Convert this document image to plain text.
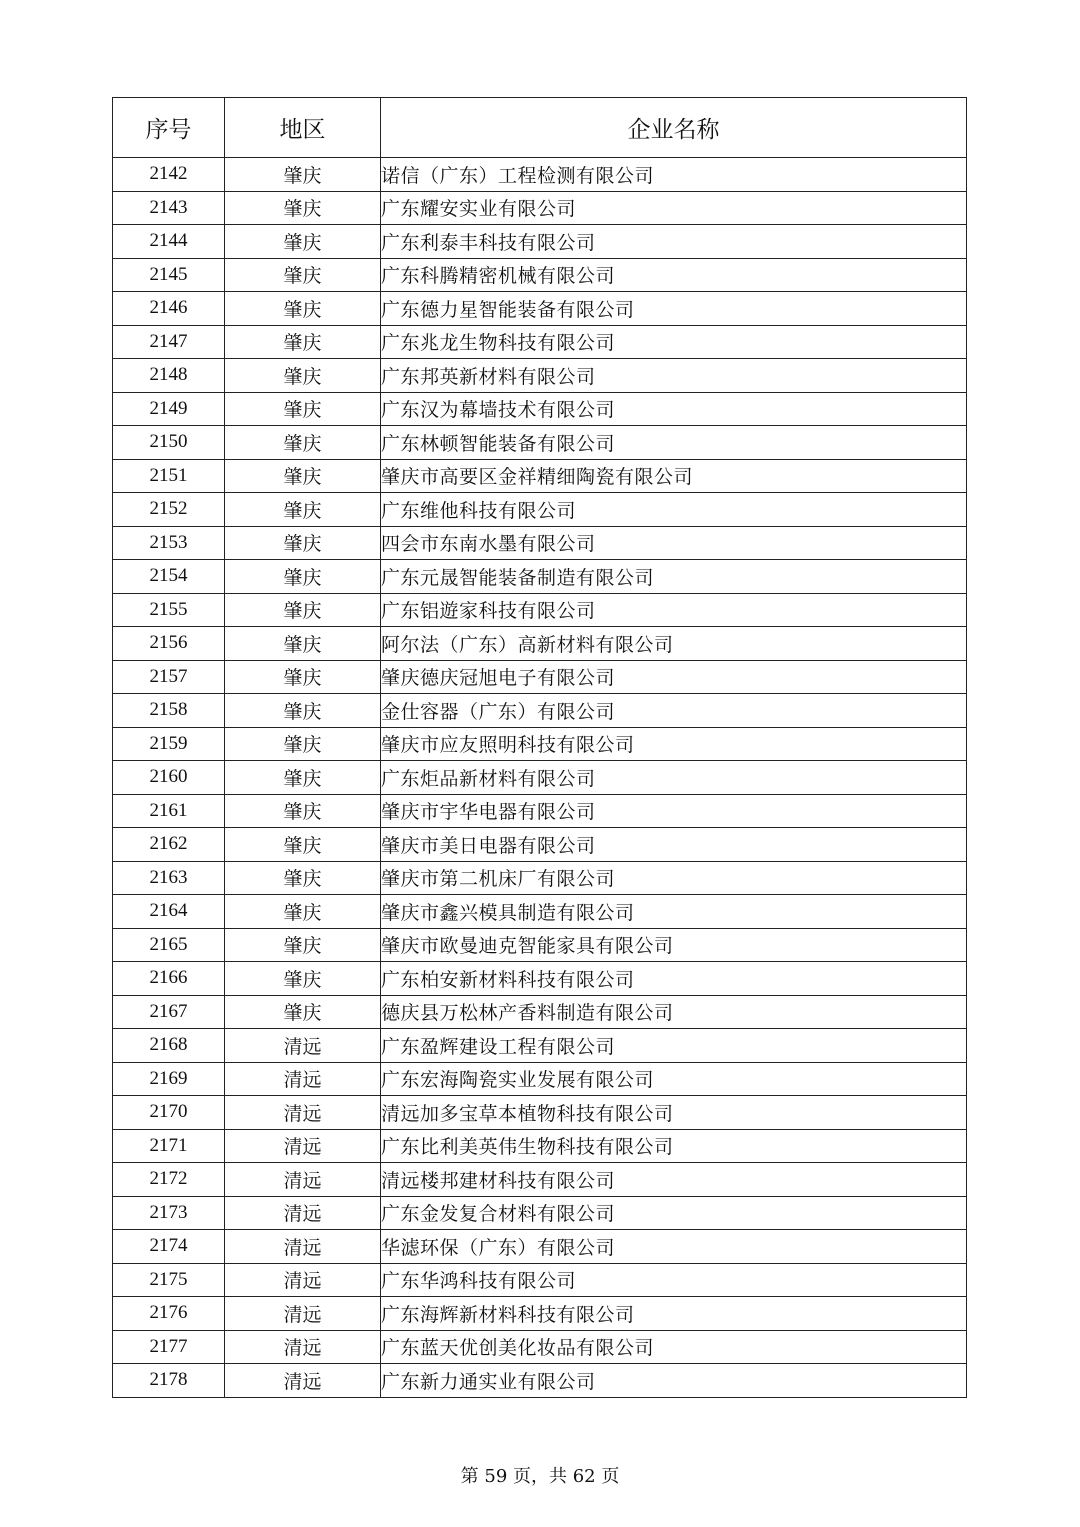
序号	地区	企业名称
2142	肇庆	诺信（广东）工程检测有限公司
2143	肇庆	广东耀安实业有限公司
2144	肇庆	广东利泰丰科技有限公司
2145	肇庆	广东科腾精密机械有限公司
2146	肇庆	广东德力星智能装备有限公司
2147	肇庆	广东兆龙生物科技有限公司
2148	肇庆	广东邦英新材料有限公司
2149	肇庆	广东汉为幕墙技术有限公司
2150	肇庆	广东林顿智能装备有限公司
2151	肇庆	肇庆市高要区金祥精细陶瓷有限公司
2152	肇庆	广东维他科技有限公司
2153	肇庆	四会市东南水墨有限公司
2154	肇庆	广东元晟智能装备制造有限公司
2155	肇庆	广东铝遊家科技有限公司
2156	肇庆	阿尔法（广东）高新材料有限公司
2157	肇庆	肇庆德庆冠旭电子有限公司
2158	肇庆	金仕容器（广东）有限公司
2159	肇庆	肇庆市应友照明科技有限公司
2160	肇庆	广东炬品新材料有限公司
2161	肇庆	肇庆市宇华电器有限公司
2162	肇庆	肇庆市美日电器有限公司
2163	肇庆	肇庆市第二机床厂有限公司
2164	肇庆	肇庆市鑫兴模具制造有限公司
2165	肇庆	肇庆市欧曼迪克智能家具有限公司
2166	肇庆	广东柏安新材料科技有限公司
2167	肇庆	德庆县万松林产香料制造有限公司
2168	清远	广东盈辉建设工程有限公司
2169	清远	广东宏海陶瓷实业发展有限公司
2170	清远	清远加多宝草本植物科技有限公司
2171	清远	广东比利美英伟生物科技有限公司
2172	清远	清远楼邦建材科技有限公司
2173	清远	广东金发复合材料有限公司
2174	清远	华滤环保（广东）有限公司
2175	清远	广东华鸿科技有限公司
2176	清远	广东海辉新材料科技有限公司
2177	清远	广东蓝天优创美化妆品有限公司
2178	清远	广东新力通实业有限公司
第 59 页，共 62 页
